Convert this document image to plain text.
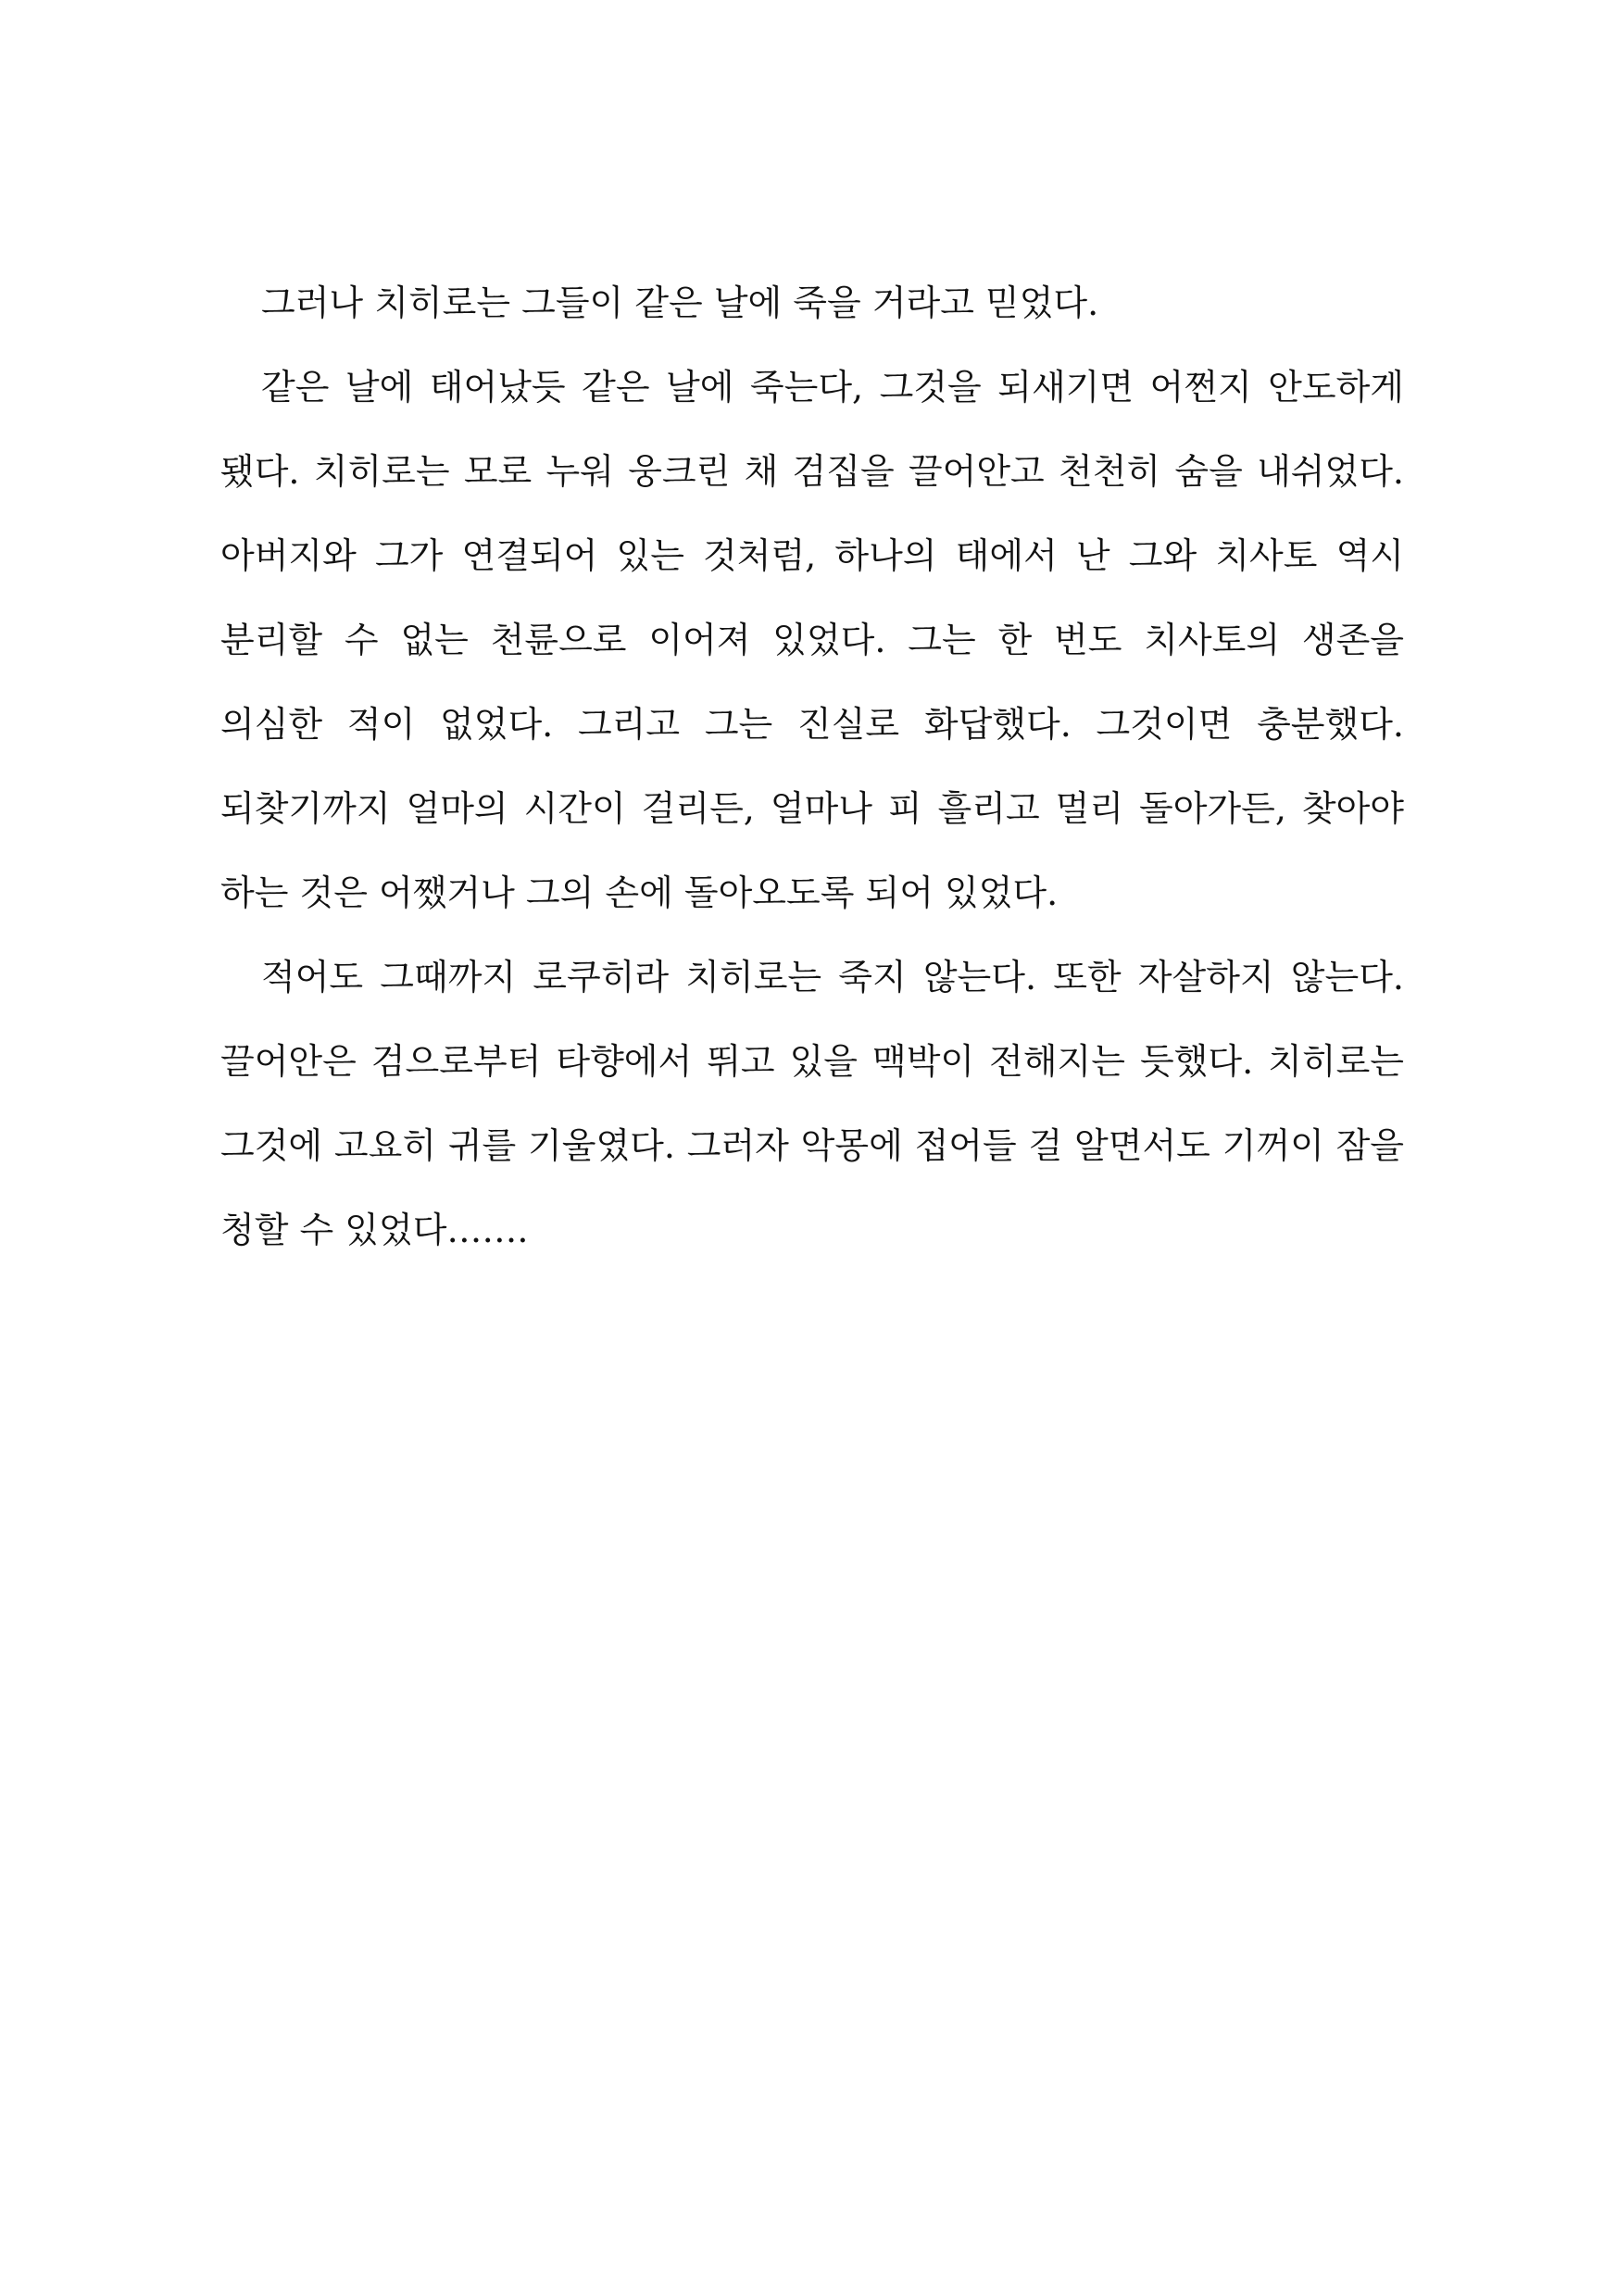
그러나 치히로는 그들이 같은 날에 죽을 거라고 믿었다.

같은 날에 태어났듯 같은 날에 죽는다, 그것을 되새기면 어쩐지 안도하게 됐다. 치히로는 모로 누워 웅크린 채 검집을 끌어안고 천천히 숨을 내쉬었다. 아버지와 그가 연결되어 있는 것처럼, 하나의 태에서 난 그와 치사토 역시 분리할 수 없는 천륜으로 이어져 있었다. 그는 한 번도 치사토의 생존을 의심한 적이 없었다. 그리고 그는 진실로 화답했다. 그것이면 충분했다. 되찾기까지 얼마의 시간이 걸리든, 얼마나 피 흘리고 멀리 돌아가든, 찾아야 하는 것은 어쨌거나 그의 손에 돌아오도록 되어 있었다.

적어도 그때까지 로쿠히라 치히로는 죽지 않는다. 또한 자살하지 않는다. 끌어안은 검으로부터 타향에서 뛰고 있을 맥박이 전해지는 듯했다. 치히로는 그것에 고요히 귀를 기울였다. 그러자 악몽에 접어들 걸 알면서도 기꺼이 잠을 청할 수 있었다…….
